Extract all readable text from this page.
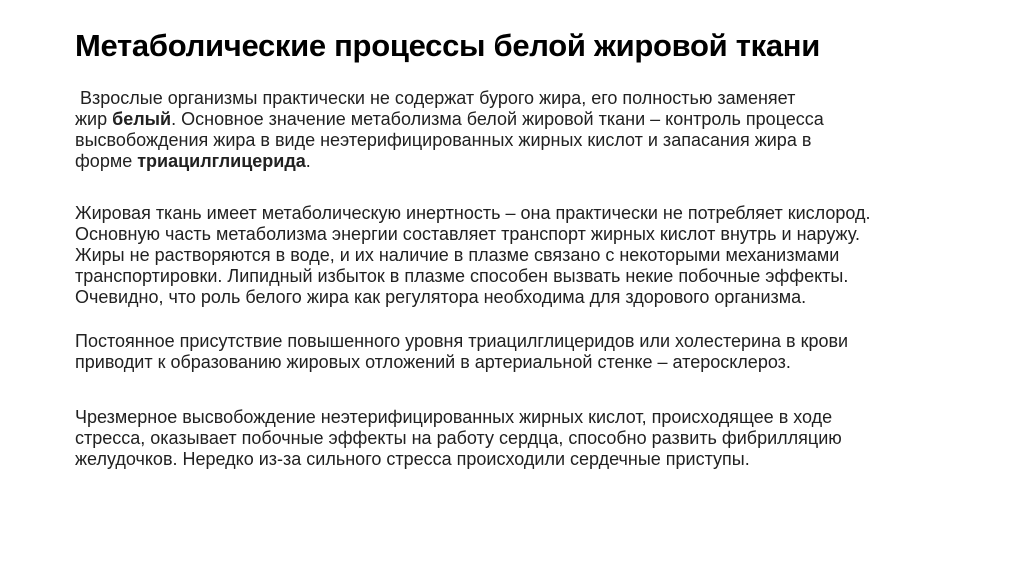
Метаболические процессы белой жировой ткани
Взрослые организмы практически не содержат бурого жира, его полностью заменяет
жир белый. Основное значение метаболизма белой жировой ткани – контроль процесса
высвобождения жира в виде неэтерифицированных жирных кислот и запасания жира в
форме триацилглицерида.
Жировая ткань имеет метаболическую инертность – она практически не потребляет кислород.
Основную часть метаболизма энергии составляет транспорт жирных кислот внутрь и наружу.
Жиры не растворяются в воде, и их наличие в плазме связано с некоторыми механизмами
транспортировки. Липидный избыток в плазме способен вызвать некие побочные эффекты.
Очевидно, что роль белого жира как регулятора необходима для здорового организма.
Постоянное присутствие повышенного уровня триацилглицеридов или холестерина в крови
приводит к образованию жировых отложений в артериальной стенке – атеросклероз.
Чрезмерное высвобождение неэтерифицированных жирных кислот, происходящее в ходе
стресса, оказывает побочные эффекты на работу сердца, способно развить фибрилляцию
желудочков. Нередко из-за сильного стресса происходили сердечные приступы.
